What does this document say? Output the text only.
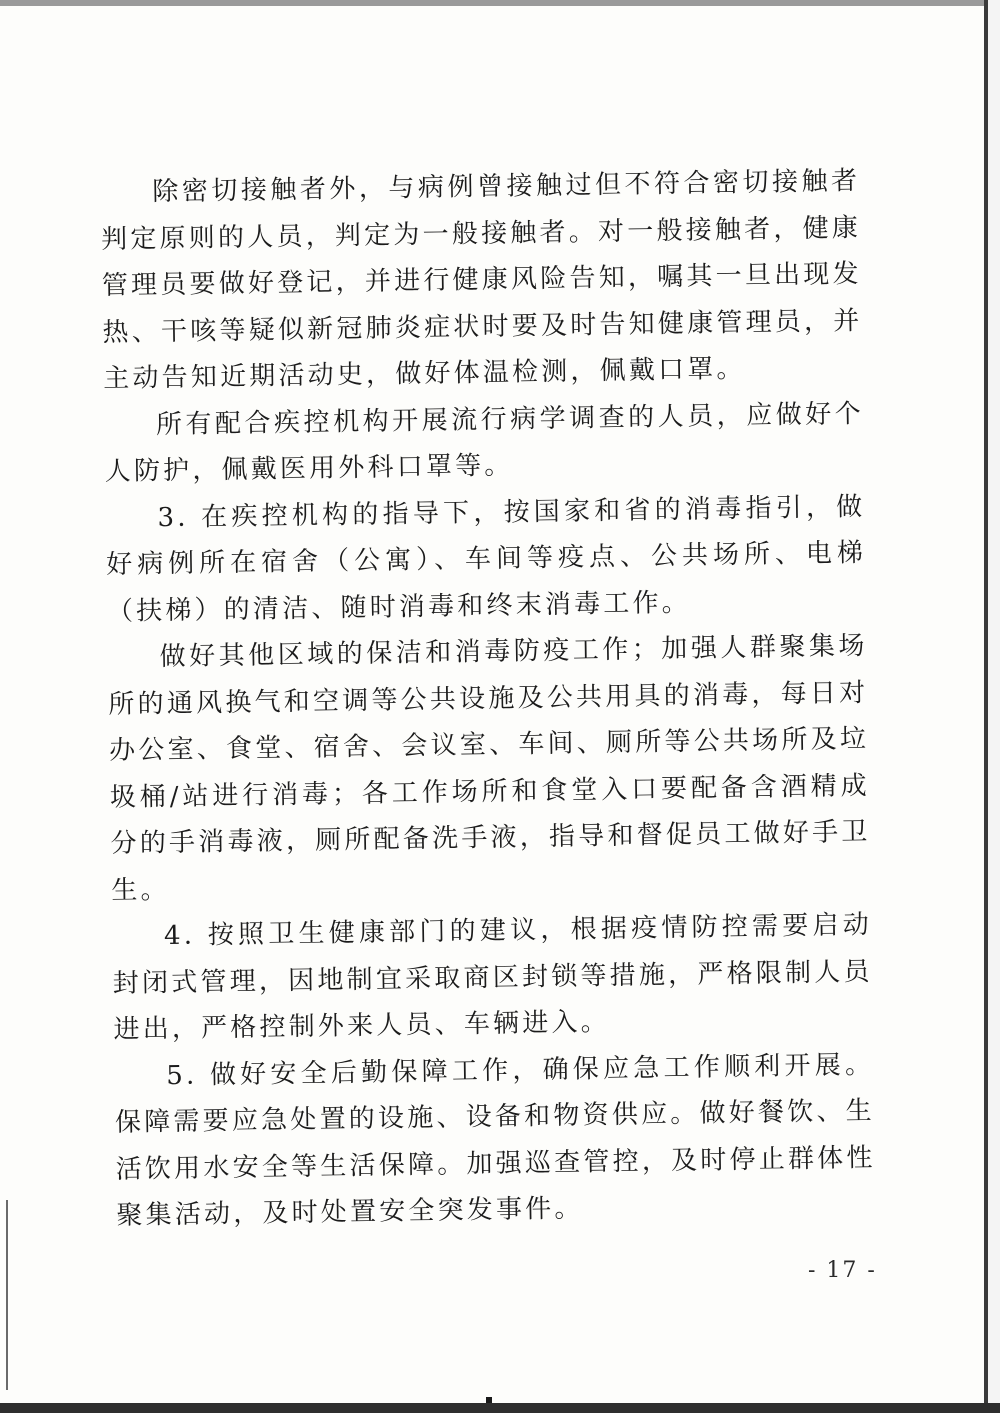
除密切接触者外，与病例曾接触过但不符合密切接触者判定原则的人员，判定为一般接触者。对一般接触者，健康管理员要做好登记，并进行健康风险告知，嘱其一旦出现发热、干咳等疑似新冠肺炎症状时要及时告知健康管理员，并主动告知近期活动史，做好体温检测，佩戴口罩。

所有配合疾控机构开展流行病学调查的人员，应做好个人防护，佩戴医用外科口罩等。

3. 在疾控机构的指导下，按国家和省的消毒指引，做好病例所在宿舍（公寓）、车间等疫点、公共场所、电梯（扶梯）的清洁、随时消毒和终末消毒工作。

做好其他区域的保洁和消毒防疫工作；加强人群聚集场所的通风换气和空调等公共设施及公共用具的消毒，每日对办公室、食堂、宿舍、会议室、车间、厕所等公共场所及垃圾桶/站进行消毒；各工作场所和食堂入口要配备含酒精成分的手消毒液，厕所配备洗手液，指导和督促员工做好手卫生。

4. 按照卫生健康部门的建议，根据疫情防控需要启动封闭式管理，因地制宜采取商区封锁等措施，严格限制人员进出，严格控制外来人员、车辆进入。

5. 做好安全后勤保障工作，确保应急工作顺利开展。保障需要应急处置的设施、设备和物资供应。做好餐饮、生活饮用水安全等生活保障。加强巡查管控，及时停止群体性聚集活动，及时处置安全突发事件。

- 17 -
